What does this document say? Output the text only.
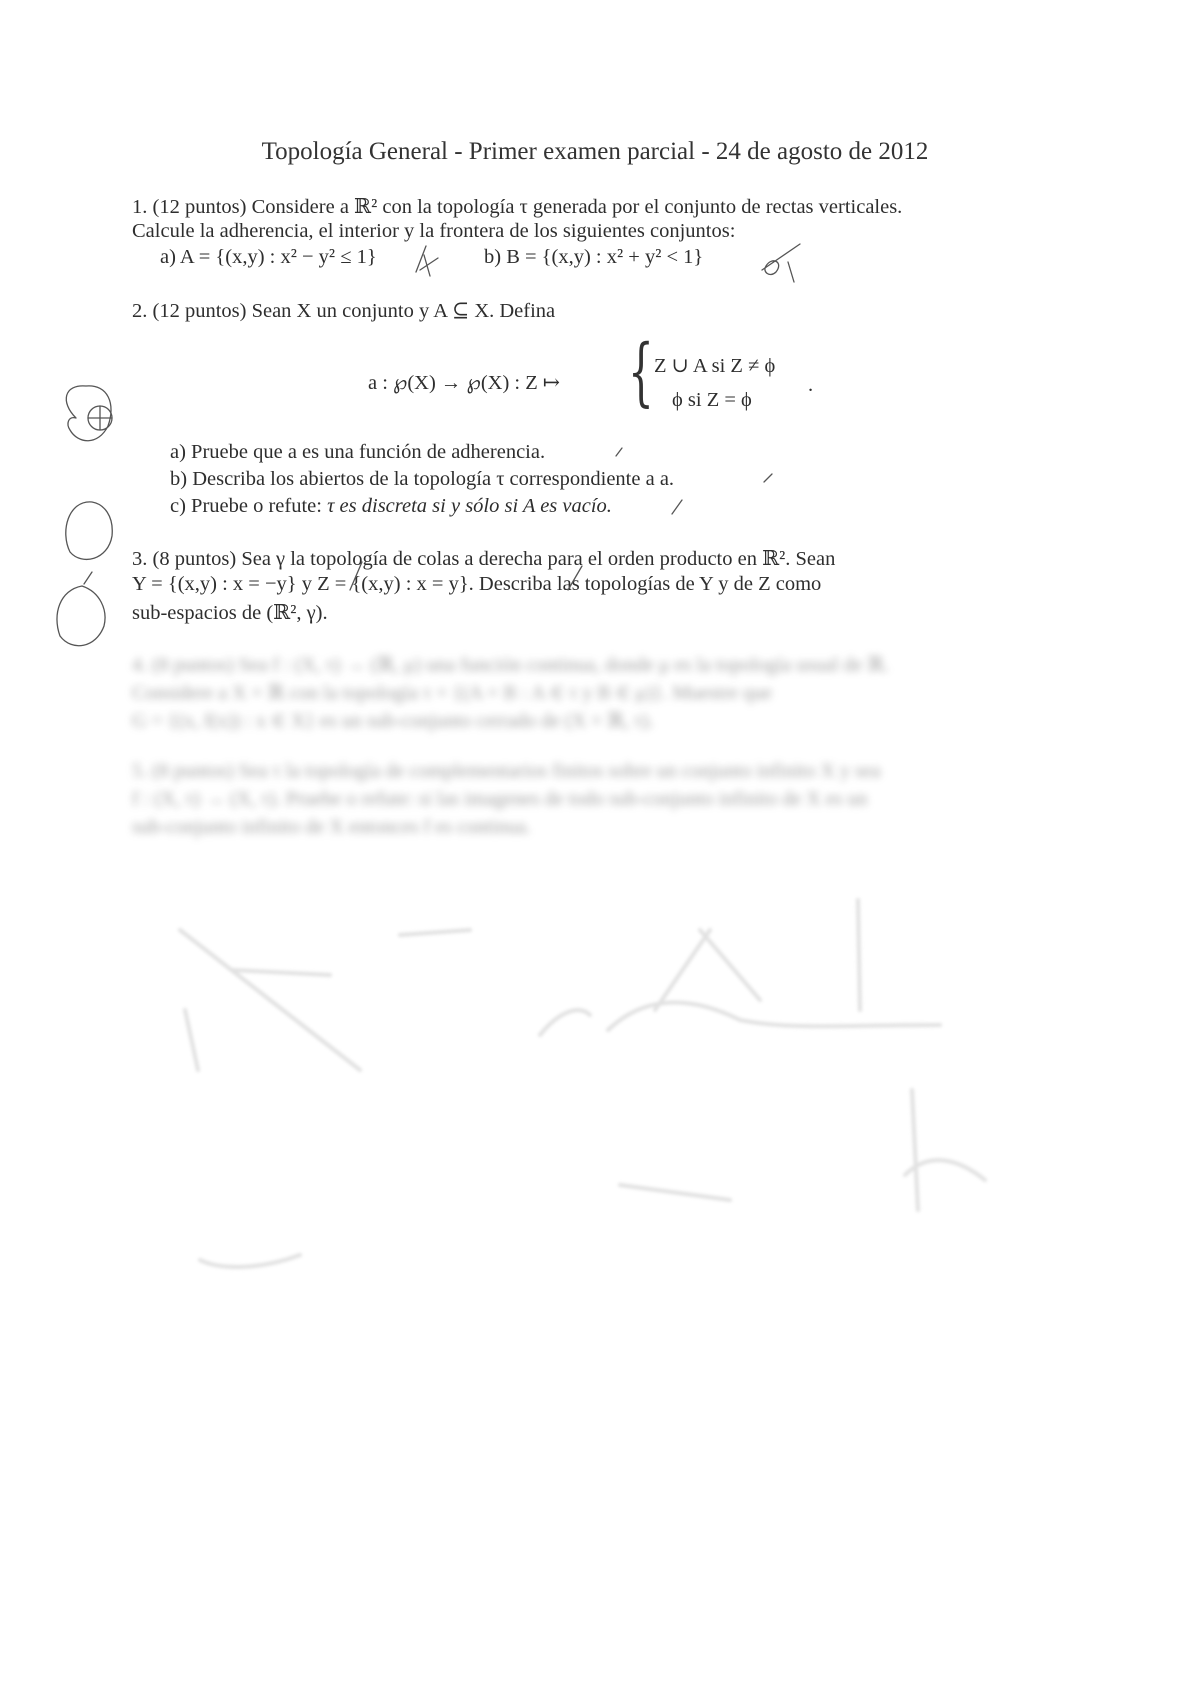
Topología General - Primer examen parcial - 24 de agosto de 2012
1. (12 puntos) Considere a ℝ² con la topología τ generada por el conjunto de rectas verticales.
Calcule la adherencia, el interior y la frontera de los siguientes conjuntos:
a) A = {(x,y) : x² − y² ≤ 1}	b) B = {(x,y) : x² + y² < 1}
2. (12 puntos) Sean X un conjunto y A ⊆ X. Defina
a : ℘(X) → ℘(X) : Z ↦ { Z ∪ A si Z ≠ ϕ
ϕ si Z = ϕ
.
a) Pruebe que a es una función de adherencia.
b) Describa los abiertos de la topología τ correspondiente a a.
c) Pruebe o refute: τ es discreta si y sólo si A es vacío.
3. (8 puntos) Sea γ la topología de colas a derecha para el orden producto en ℝ². Sean
Y = {(x,y) : x = −y} y Z = {(x,y) : x = y}. Describa las topologías de Y y de Z como
sub-espacios de (ℝ², γ).
4. (8 puntos) Sea f : (X, τ) → (ℝ, μ) una función continua, donde μ es la topología usual de ℝ.
Considere a X × ℝ con la topología τ × {(A × B : A ∈ τ y B ∈ μ)}. Muestre que
G = {(x, f(x)) : x ∈ X} es un sub-conjunto cerrado de (X × ℝ, τ).
5. (8 puntos) Sea τ la topología de complementarios finitos sobre un conjunto infinito X y sea
f : (X, τ) → (X, τ). Pruebe o refute: si las imagenes de todo sub-conjunto infinito de X es un
sub-conjunto infinito de X entonces f es continua.
